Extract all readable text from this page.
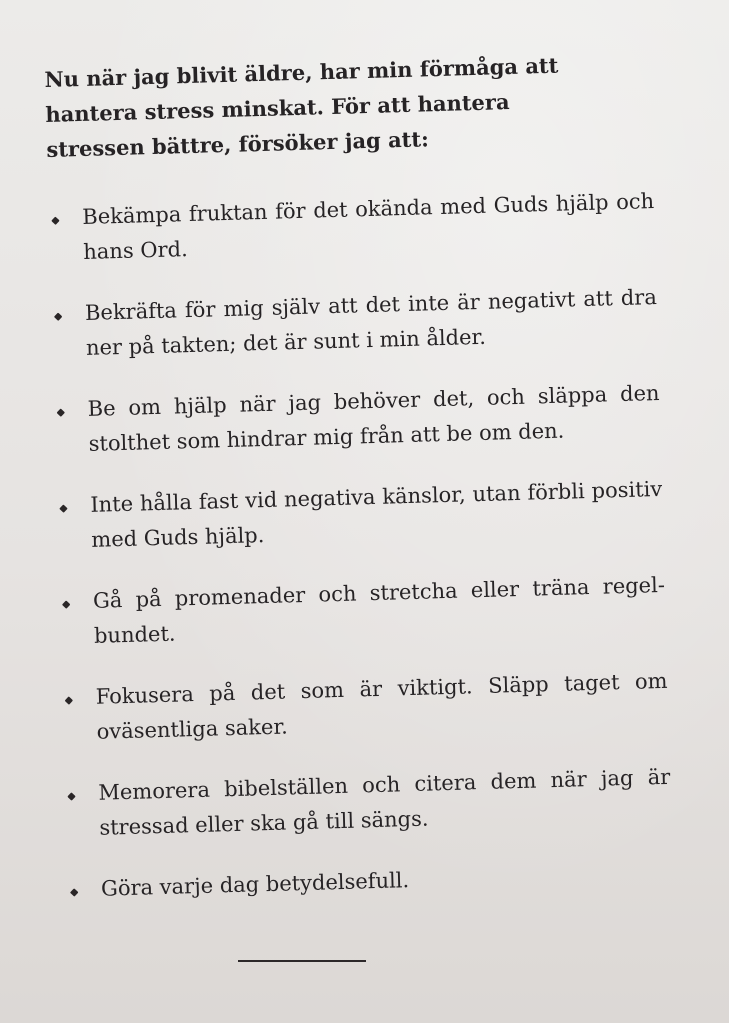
Nu när jag blivit äldre, har min förmåga att hantera stress minskat. För att hantera stressen bättre, försöker jag att:

Bekämpa fruktan för det okända med Guds hjälp och hans Ord.
Bekräfta för mig själv att det inte är negativt att dra ner på takten; det är sunt i min ålder.
Be om hjälp när jag behöver det, och släppa den stolthet som hindrar mig från att be om den.
Inte hålla fast vid negativa känslor, utan förbli positiv med Guds hjälp.
Gå på promenader och stretcha eller träna regel-bundet.
Fokusera på det som är viktigt. Släpp taget om oväsentliga saker.
Memorera bibelställen och citera dem när jag är stressad eller ska gå till sängs.
Göra varje dag betydelsefull.
